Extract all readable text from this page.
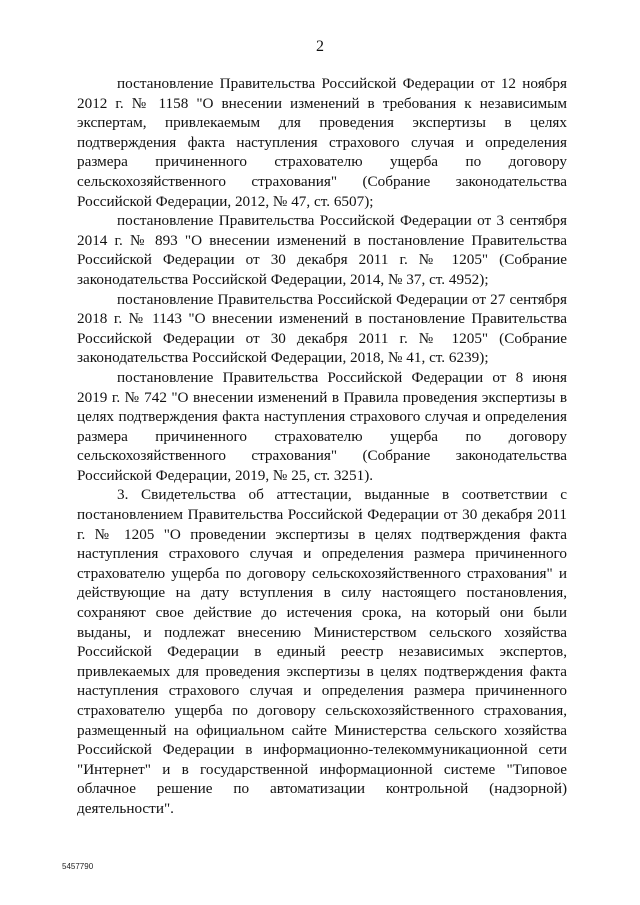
2

постановление Правительства Российской Федерации от 12 ноября 2012 г. № 1158 "О внесении изменений в требования к независимым экспертам, привлекаемым для проведения экспертизы в целях подтверждения факта наступления страхового случая и определения размера причиненного страхователю ущерба по договору сельскохозяйственного страхования" (Собрание законодательства Российской Федерации, 2012, № 47, ст. 6507);

постановление Правительства Российской Федерации от 3 сентября 2014 г. № 893 "О внесении изменений в постановление Правительства Российской Федерации от 30 декабря 2011 г. № 1205" (Собрание законодательства Российской Федерации, 2014, № 37, ст. 4952);

постановление Правительства Российской Федерации от 27 сентября 2018 г. № 1143 "О внесении изменений в постановление Правительства Российской Федерации от 30 декабря 2011 г. № 1205" (Собрание законодательства Российской Федерации, 2018, № 41, ст. 6239);

постановление Правительства Российской Федерации от 8 июня 2019 г. № 742 "О внесении изменений в Правила проведения экспертизы в целях подтверждения факта наступления страхового случая и определения размера причиненного страхователю ущерба по договору сельскохозяйственного страхования" (Собрание законодательства Российской Федерации, 2019, № 25, ст. 3251).

3. Свидетельства об аттестации, выданные в соответствии с постановлением Правительства Российской Федерации от 30 декабря 2011 г. № 1205 "О проведении экспертизы в целях подтверждения факта наступления страхового случая и определения размера причиненного страхователю ущерба по договору сельскохозяйственного страхования" и действующие на дату вступления в силу настоящего постановления, сохраняют свое действие до истечения срока, на который они были выданы, и подлежат внесению Министерством сельского хозяйства Российской Федерации в единый реестр независимых экспертов, привлекаемых для проведения экспертизы в целях подтверждения факта наступления страхового случая и определения размера причиненного страхователю ущерба по договору сельскохозяйственного страхования, размещенный на официальном сайте Министерства сельского хозяйства Российской Федерации в информационно-телекоммуникационной сети "Интернет" и в государственной информационной системе "Типовое облачное решение по автоматизации контрольной (надзорной) деятельности".

5457790
